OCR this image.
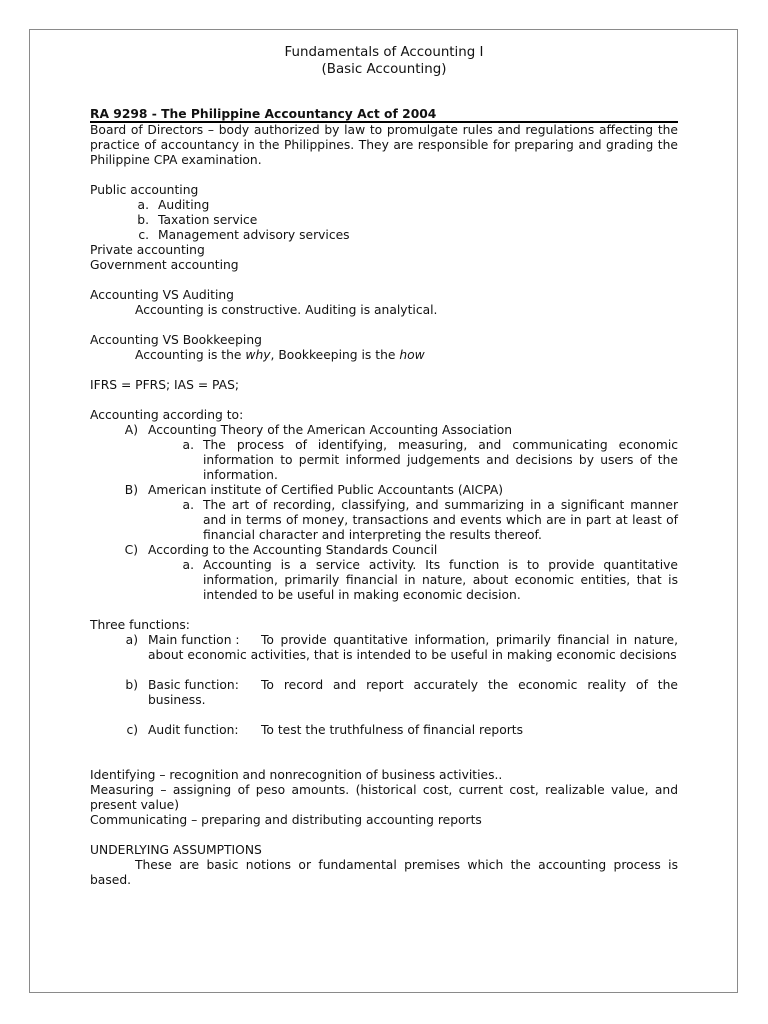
Fundamentals of Accounting I
(Basic Accounting)
RA 9298 - The Philippine Accountancy Act of 2004
Board of Directors – body authorized by law to promulgate rules and regulations affecting the practice of accountancy in the Philippines. They are responsible for preparing and grading the Philippine CPA examination.
Public accounting
a. Auditing
b. Taxation service
c. Management advisory services
Private accounting
Government accounting
Accounting VS Auditing
Accounting is constructive. Auditing is analytical.
Accounting VS Bookkeeping
Accounting is the why, Bookkeeping is the how
IFRS = PFRS; IAS = PAS;
Accounting according to:
A) Accounting Theory of the American Accounting Association
a. The process of identifying, measuring, and communicating economic information to permit informed judgements and decisions by users of the information.
B) American institute of Certified Public Accountants (AICPA)
a. The art of recording, classifying, and summarizing in a significant manner and in terms of money, transactions and events which are in part at least of financial character and interpreting the results thereof.
C) According to the Accounting Standards Council
a. Accounting is a service activity. Its function is to provide quantitative information, primarily financial in nature, about economic entities, that is intended to be useful in making economic decision.
Three functions:
a) Main function : To provide quantitative information, primarily financial in nature, about economic activities, that is intended to be useful in making economic decisions
b) Basic function: To record and report accurately the economic reality of the business.
c) Audit function: To test the truthfulness of financial reports
Identifying – recognition and nonrecognition of business activities..
Measuring – assigning of peso amounts. (historical cost, current cost, realizable value, and present value)
Communicating – preparing and distributing accounting reports
UNDERLYING ASSUMPTIONS
These are basic notions or fundamental premises which the accounting process is based.
